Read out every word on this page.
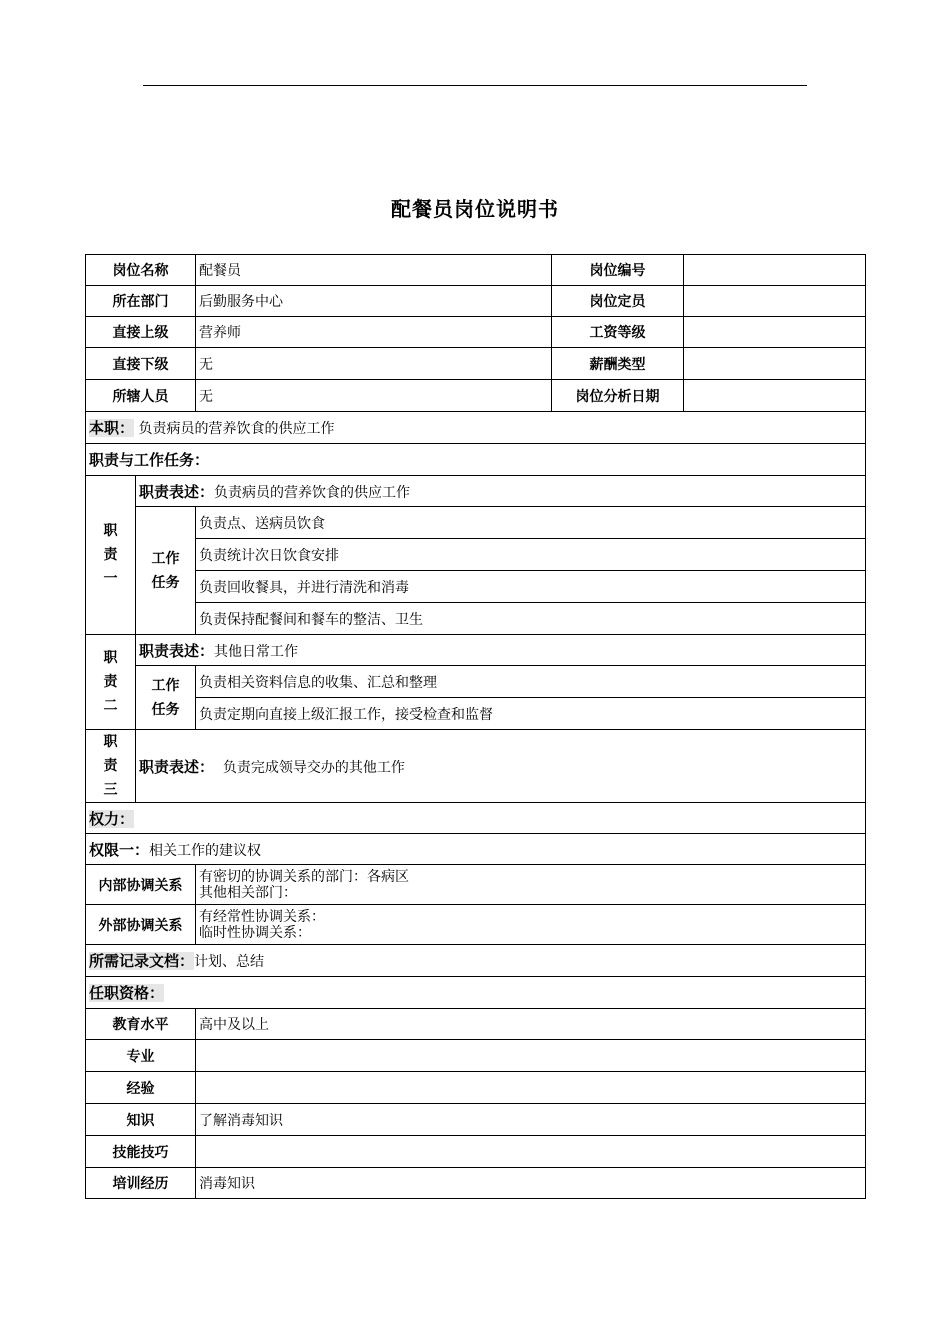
配餐员岗位说明书
岗位名称		配餐员	岗位编号	
所在部门		后勤服务中心	岗位定员	
直接上级		营养师	工资等级	
直接下级		无	薪酬类型	
所辖人员		无	岗位分析日期	
本职： 负责病员的营养饮食的供应工作				
职责与工作任务：				
职
责
一	职责表述：负责病员的营养饮食的供应工作			
	工作
任务	负责点、送病员饮食		
		负责统计次日饮食安排		
		负责回收餐具，并进行清洗和消毒		
		负责保持配餐间和餐车的整洁、卫生		
职
责
二	职责表述：其他日常工作			
	工作
任务	负责相关资料信息的收集、汇总和整理		
		负责定期向直接上级汇报工作，接受检查和监督		
职
责
三	职责表述： 负责完成领导交办的其他工作			
权力：				
权限一：相关工作的建议权				
内部协调关系		有密切的协调关系的部门：各病区
其他相关部门：		

外部协调关系		有经常性协调关系：
临时性协调关系：		

所需记录文档：计划、总结				
任职资格：				
教育水平		高中及以上		
专业				
经验				
知识		了解消毒知识		
技能技巧				
培训经历		消毒知识		
